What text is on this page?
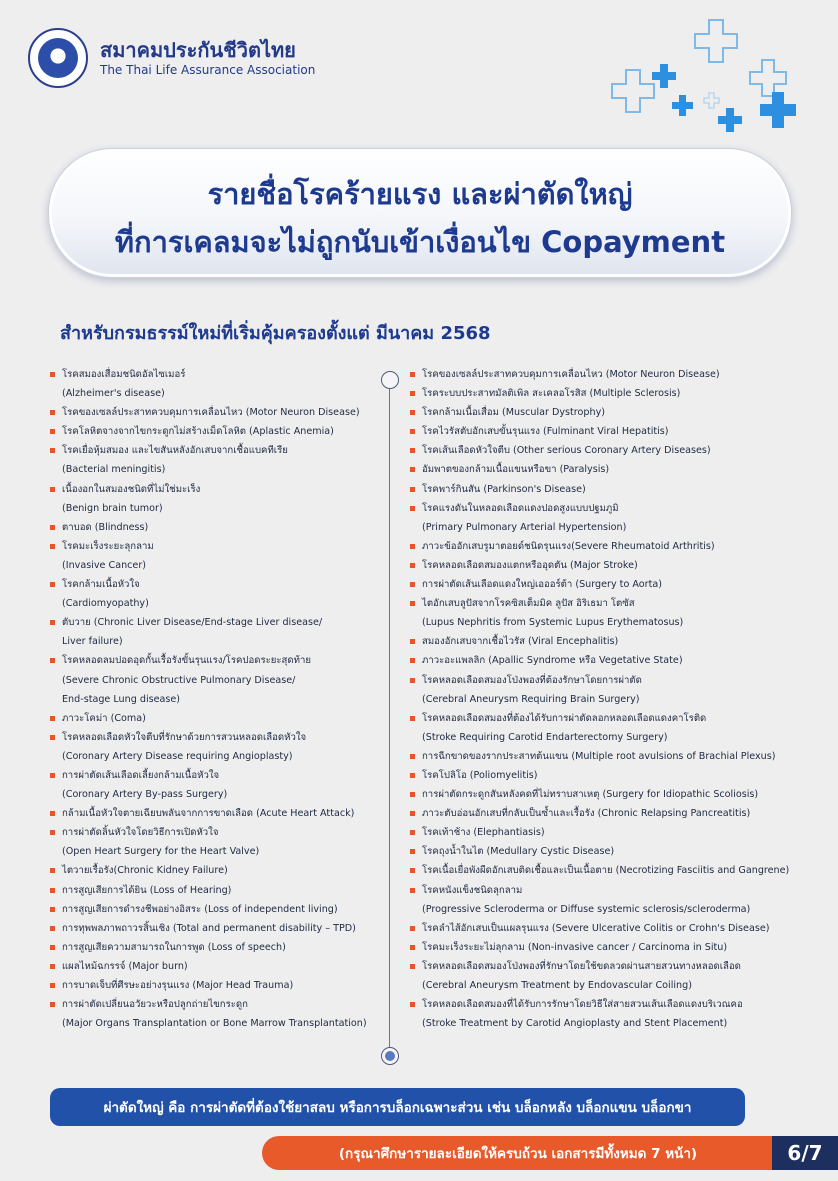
สมาคมประกันชีวิตไทย
The Thai Life Assurance Association
รายชื่อโรคร้ายแรง และผ่าตัดใหญ่
ที่การเคลมจะไม่ถูกนับเข้าเงื่อนไข Copayment
สำหรับกรมธรรม์ใหม่ที่เริ่มคุ้มครองตั้งแต่ มีนาคม 2568
โรคสมองเสื่อมชนิดอัลไซเมอร์
(Alzheimer's disease)
โรคของเซลล์ประสาทควบคุมการเคลื่อนไหว (Motor Neuron Disease)
โรคโลหิตจางจากไขกระดูกไม่สร้างเม็ดโลหิต (Aplastic Anemia)
โรคเยื่อหุ้มสมอง และไขสันหลังอักเสบจากเชื้อแบคทีเรีย
(Bacterial meningitis)
เนื้องอกในสมองชนิดที่ไม่ใช่มะเร็ง
(Benign brain tumor)
ตาบอด (Blindness)
โรคมะเร็งระยะลุกลาม
(Invasive Cancer)
โรคกล้ามเนื้อหัวใจ
(Cardiomyopathy)
ตับวาย (Chronic Liver Disease/End-stage Liver disease/
Liver failure)
โรคหลอดลมปอดอุดกั้นเรื้อรังขั้นรุนแรง/โรคปอดระยะสุดท้าย
(Severe Chronic Obstructive Pulmonary Disease/
End-stage Lung disease)
ภาวะโคม่า (Coma)
โรคหลอดเลือดหัวใจตีบที่รักษาด้วยการสวนหลอดเลือดหัวใจ
(Coronary Artery Disease requiring Angioplasty)
การผ่าตัดเส้นเลือดเลี้ยงกล้ามเนื้อหัวใจ
(Coronary Artery By-pass Surgery)
กล้ามเนื้อหัวใจตายเฉียบพลันจากการขาดเลือด (Acute Heart Attack)
การผ่าตัดลิ้นหัวใจโดยวิธีการเปิดหัวใจ
(Open Heart Surgery for the Heart Valve)
ไตวายเรื้อรัง(Chronic Kidney Failure)
การสูญเสียการได้ยิน (Loss of Hearing)
การสูญเสียการดำรงชีพอย่างอิสระ (Loss of independent living)
การทุพพลภาพถาวรสิ้นเชิง (Total and permanent disability – TPD)
การสูญเสียความสามารถในการพูด (Loss of speech)
แผลไหม้ฉกรรจ์ (Major burn)
การบาดเจ็บที่ศีรษะอย่างรุนแรง (Major Head Trauma)
การผ่าตัดเปลี่ยนอวัยวะหรือปลูกถ่ายไขกระดูก
(Major Organs Transplantation or Bone Marrow Transplantation)
โรคของเซลล์ประสาทควบคุมการเคลื่อนไหว (Motor Neuron Disease)
โรคระบบประสาทมัลติเพิล สะเคลอโรสิส (Multiple Sclerosis)
โรคกล้ามเนื้อเสื่อม (Muscular Dystrophy)
โรคไวรัสตับอักเสบขั้นรุนแรง (Fulminant Viral Hepatitis)
โรคเส้นเลือดหัวใจตีบ (Other serious Coronary Artery Diseases)
อัมพาตของกล้ามเนื้อแขนหรือขา (Paralysis)
โรคพาร์กินสัน (Parkinson's Disease)
โรคแรงดันในหลอดเลือดแดงปอดสูงแบบปฐมภูมิ
(Primary Pulmonary Arterial Hypertension)
ภาวะข้ออักเสบรูมาตอยด์ชนิดรุนแรง(Severe Rheumatoid Arthritis)
โรคหลอดเลือดสมองแตกหรืออุดตัน (Major Stroke)
การผ่าตัดเส้นเลือดแดงใหญ่เอออร์ต้า (Surgery to Aorta)
ไตอักเสบลูปัสจากโรคซิสเต็มมิค ลูปัส อิริเธมา โตซัส
(Lupus Nephritis from Systemic Lupus Erythematosus)
สมองอักเสบจากเชื้อไวรัส (Viral Encephalitis)
ภาวะอะแพลลิก (Apallic Syndrome หรือ Vegetative State)
โรคหลอดเลือดสมองโป่งพองที่ต้องรักษาโดยการผ่าตัด
(Cerebral Aneurysm Requiring Brain Surgery)
โรคหลอดเลือดสมองที่ต้องได้รับการผ่าตัดลอกหลอดเลือดแดงคาโรติด
(Stroke Requiring Carotid Endarterectomy Surgery)
การฉีกขาดของรากประสาทต้นแขน (Multiple root avulsions of Brachial Plexus)
โรคโปลิโอ (Poliomyelitis)
การผ่าตัดกระดูกสันหลังคดที่ไม่ทราบสาเหตุ (Surgery for Idiopathic Scoliosis)
ภาวะตับอ่อนอักเสบที่กลับเป็นซ้ำและเรื้อรัง (Chronic Relapsing Pancreatitis)
โรคเท้าช้าง (Elephantiasis)
โรคถุงน้ำในไต (Medullary Cystic Disease)
โรคเนื้อเยื่อพังผืดอักเสบติดเชื้อและเป็นเนื้อตาย (Necrotizing Fasciitis and Gangrene)
โรคหนังแข็งชนิดลุกลาม
(Progressive Scleroderma or Diffuse systemic sclerosis/scleroderma)
โรคลำไส้อักเสบเป็นแผลรุนแรง (Severe Ulcerative Colitis or Crohn's Disease)
โรคมะเร็งระยะไม่ลุกลาม (Non-invasive cancer / Carcinoma in Situ)
โรคหลอดเลือดสมองโป่งพองที่รักษาโดยใช้ขดลวดผ่านสายสวนทางหลอดเลือด
(Cerebral Aneurysm Treatment by Endovascular Coiling)
โรคหลอดเลือดสมองที่ได้รับการรักษาโดยวิธีใส่สายสวนเส้นเลือดแดงบริเวณคอ
(Stroke Treatment by Carotid Angioplasty and Stent Placement)
ผ่าตัดใหญ่ คือ การผ่าตัดที่ต้องใช้ยาสลบ หรือการบล็อกเฉพาะส่วน เช่น บล็อกหลัง บล็อกแขน บล็อกขา
(กรุณาศึกษารายละเอียดให้ครบถ้วน เอกสารมีทั้งหมด 7 หน้า)	6/7
